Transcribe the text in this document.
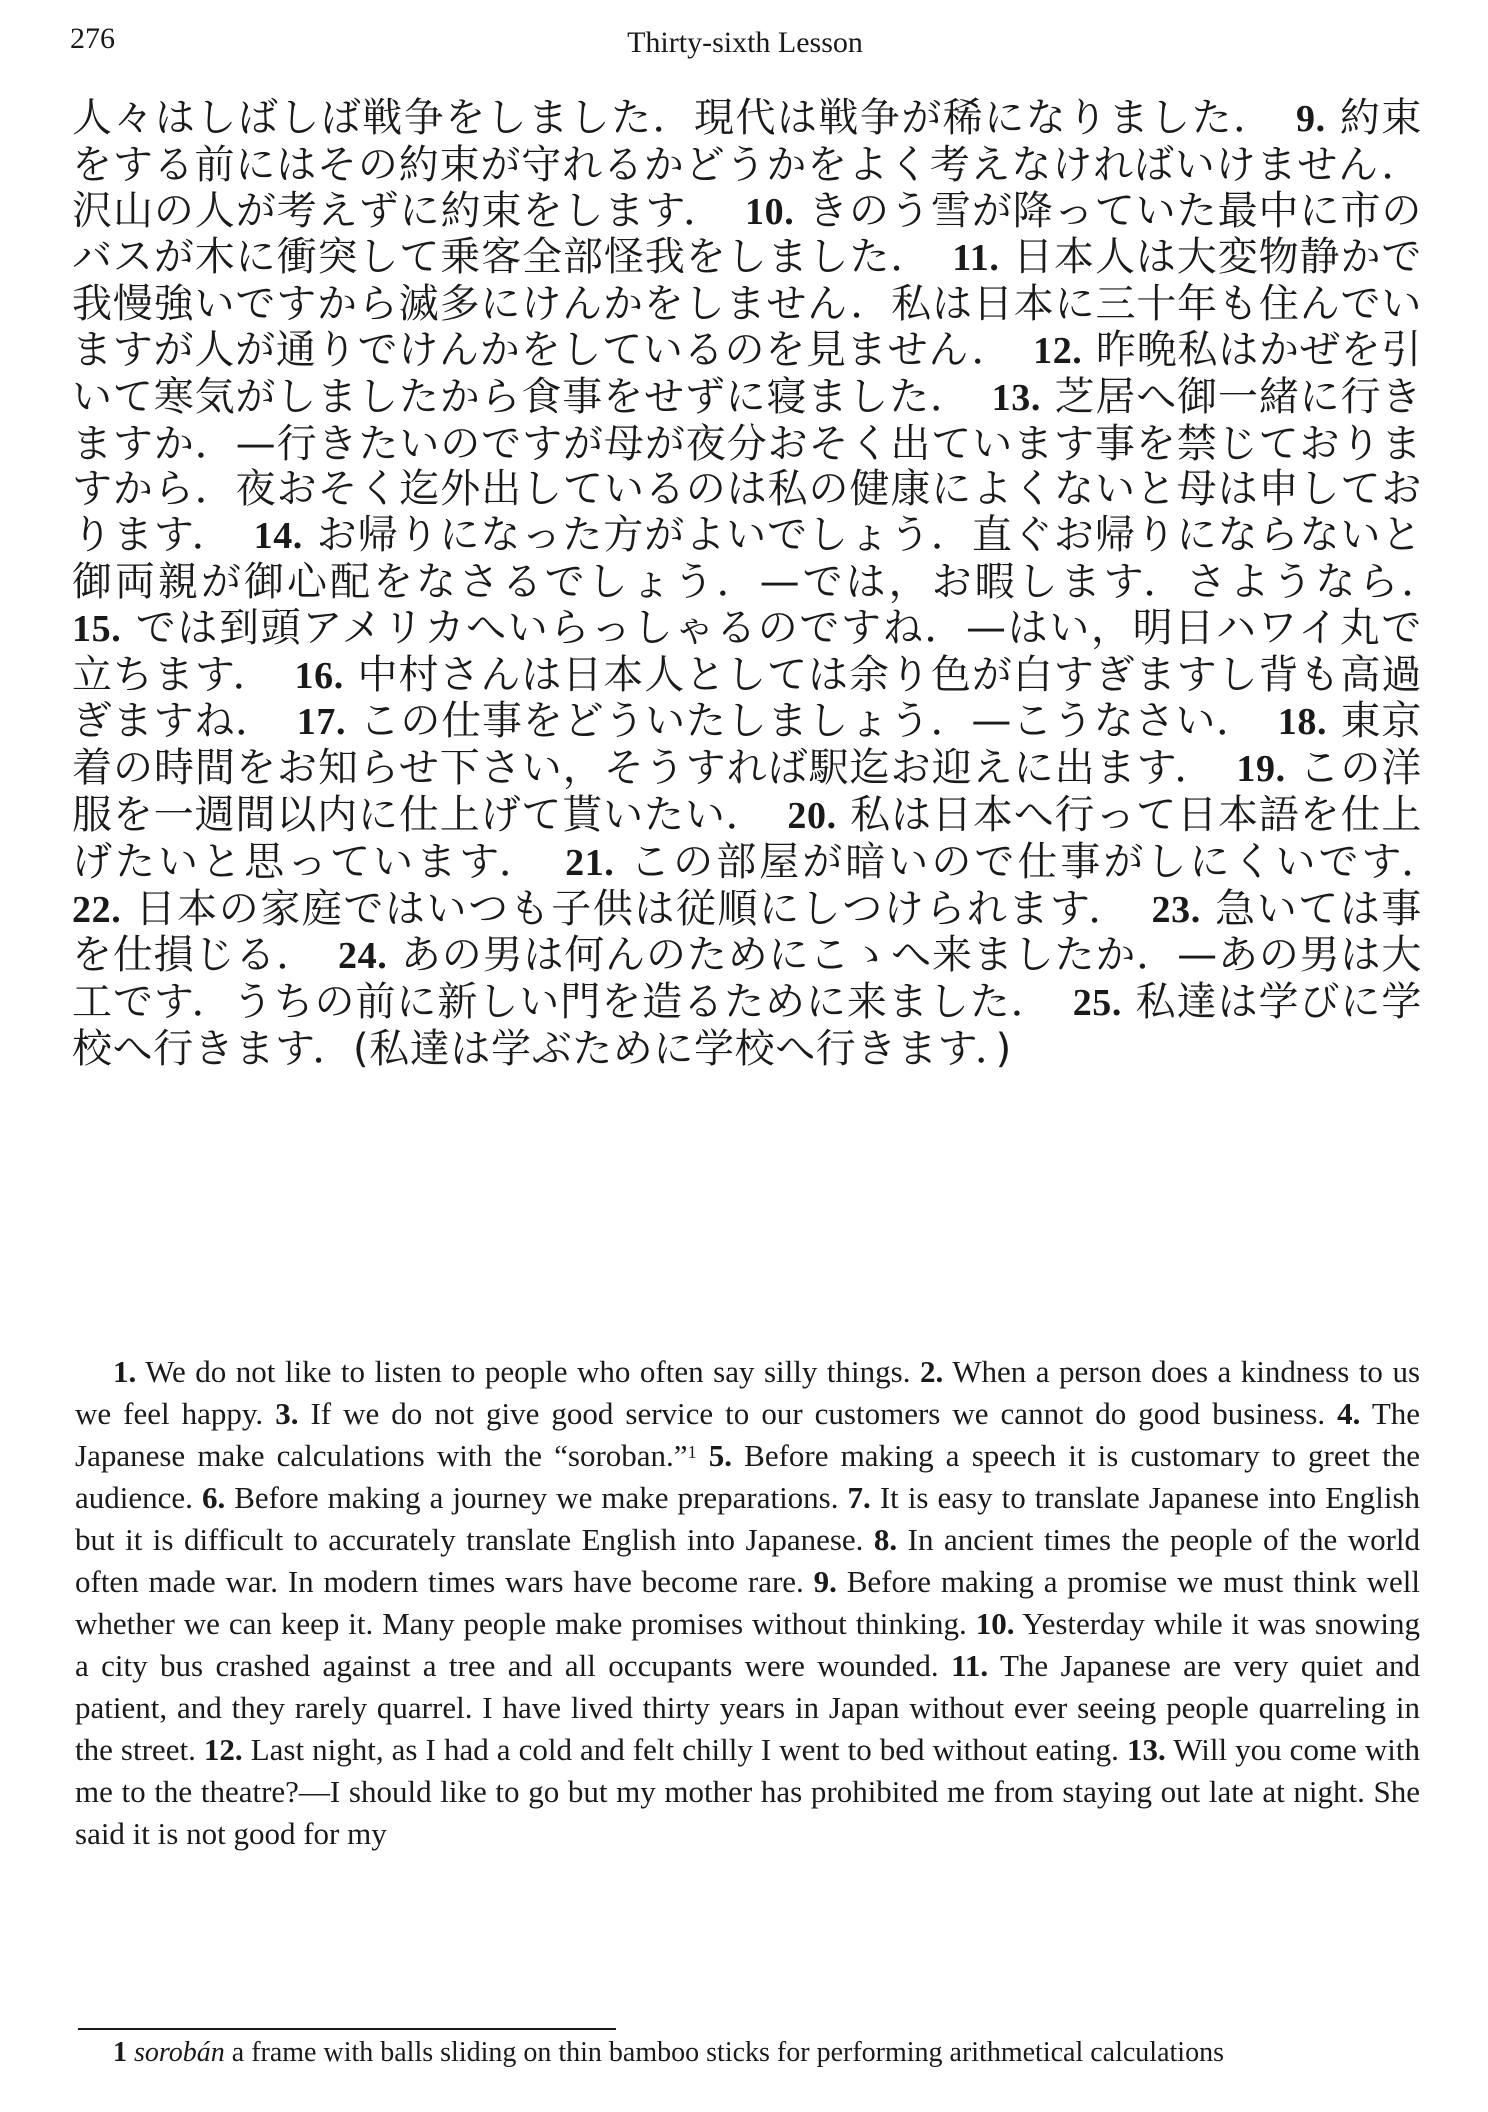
276	Thirty-sixth Lesson
人々はしばしば戦争をしました．現代は戦争が稀になりました．　 9. 約束をする前にはその約束が守れるかどうかをよく考えなければいけません．沢山の人が考えずに約束をします．　 10. きのう雪が降っていた最中に市のバスが木に衝突して乗客全部怪我をしました．　 11. 日本人は大変物静かで我慢強いですから滅多にけんかをしません．私は日本に三十年も住んでいますが人が通りでけんかをしているのを見ません．　 12. 昨晩私はかぜを引いて寒気がしましたから食事をせずに寝ました．　 13. 芝居へ御一緒に行きますか．—行きたいのですが母が夜分おそく出ています事を禁じておりますから．夜おそく迄外出しているのは私の健康によくないと母は申しております．　 14. お帰りになった方がよいでしょう．直ぐお帰りにならないと御両親が御心配をなさるでしょう．—では，お暇します．さようなら．　15. では到頭アメリカへいらっしゃるのですね．—はい，明日ハワイ丸で立ちます．　 16. 中村さんは日本人としては余り色が白すぎますし背も高過ぎますね．　 17. この仕事をどういたしましょう．—こうなさい．　 18. 東京着の時間をお知らせ下さい，そうすれば駅迄お迎えに出ます．　 19. この洋服を一週間以内に仕上げて貰いたい．　 20. 私は日本へ行って日本語を仕上げたいと思っています．　 21. この部屋が暗いので仕事がしにくいです．　22. 日本の家庭ではいつも子供は従順にしつけられます．　 23. 急いては事を仕損じる．　 24. あの男は何んのためにこゝへ来ましたか．—あの男は大工です．うちの前に新しい門を造るために来ました．　 25. 私達は学びに学校へ行きます．(私達は学ぶために学校へ行きます．)

1. We do not like to listen to people who often say silly things. 2. When a person does a kindness to us we feel happy. 3. If we do not give good service to our customers we cannot do good business. 4. The Japanese make calculations with the “soroban.”$^1$ 5. Before making a speech it is customary to greet the audience. 6. Before making a journey we make preparations. 7. It is easy to translate Japanese into English but it is difficult to accurately translate English into Japanese. 8. In ancient times the people of the world often made war. In modern times wars have become rare. 9. Before making a promise we must think well whether we can keep it. Many people make promises without thinking. 10. Yesterday while it was snowing a city bus crashed against a tree and all occupants were wounded. 11. The Japanese are very quiet and patient, and they rarely quarrel. I have lived thirty years in Japan without ever seeing people quarreling in the street. 12. Last night, as I had a cold and felt chilly I went to bed without eating. 13. Will you come with me to the theatre?—I should like to go but my mother has prohibited me from staying out late at night. She said it is not good for my

1 sorobán a frame with balls sliding on thin bamboo sticks for performing arithmetical calculations
